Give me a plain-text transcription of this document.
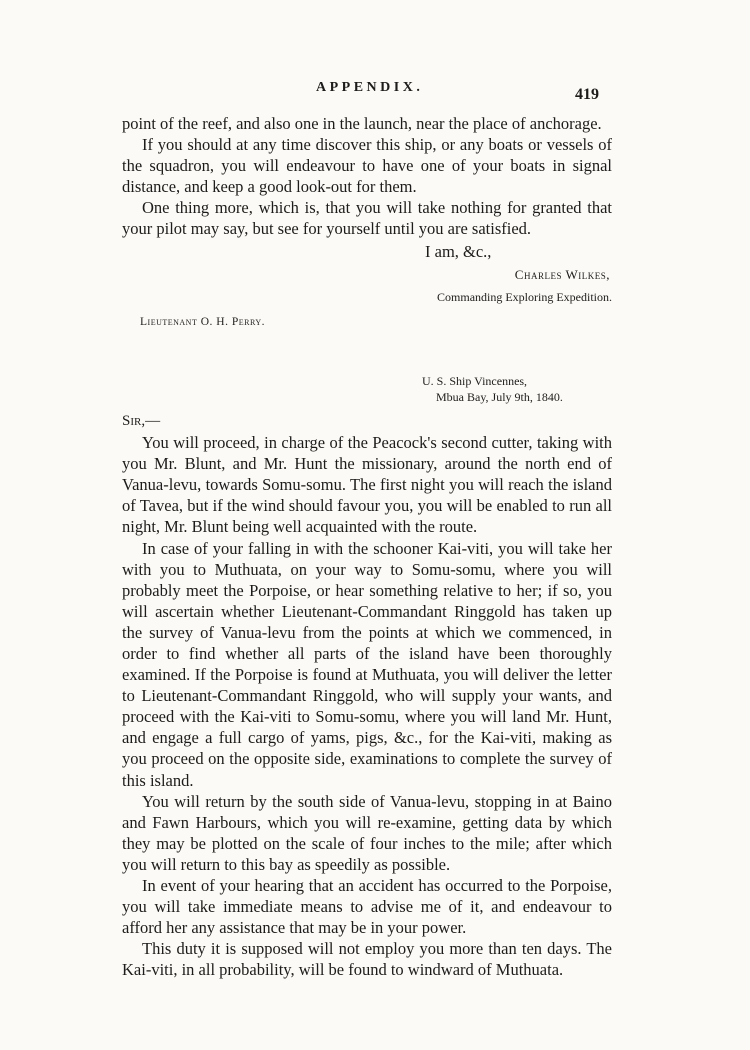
APPENDIX.	419

point of the reef, and also one in the launch, near the place of anchorage.

If you should at any time discover this ship, or any boats or vessels of the squadron, you will endeavour to have one of your boats in signal distance, and keep a good look-out for them.

One thing more, which is, that you will take nothing for granted that your pilot may say, but see for yourself until you are satisfied.

I am, &c.,
Charles Wilkes,
Commanding Exploring Expedition.
Lieutenant O. H. Perry.
U. S. Ship Vincennes,
Mbua Bay, July 9th, 1840.
Sir,—

You will proceed, in charge of the Peacock's second cutter, taking with you Mr. Blunt, and Mr. Hunt the missionary, around the north end of Vanua-levu, towards Somu-somu. The first night you will reach the island of Tavea, but if the wind should favour you, you will be enabled to run all night, Mr. Blunt being well acquainted with the route.

In case of your falling in with the schooner Kai-viti, you will take her with you to Muthuata, on your way to Somu-somu, where you will probably meet the Porpoise, or hear something relative to her; if so, you will ascertain whether Lieutenant-Commandant Ringgold has taken up the survey of Vanua-levu from the points at which we commenced, in order to find whether all parts of the island have been thoroughly examined. If the Porpoise is found at Muthuata, you will deliver the letter to Lieutenant-Commandant Ringgold, who will supply your wants, and proceed with the Kai-viti to Somu-somu, where you will land Mr. Hunt, and engage a full cargo of yams, pigs, &c., for the Kai-viti, making as you proceed on the opposite side, examinations to complete the survey of this island.

You will return by the south side of Vanua-levu, stopping in at Baino and Fawn Harbours, which you will re-examine, getting data by which they may be plotted on the scale of four inches to the mile; after which you will return to this bay as speedily as possible.

In event of your hearing that an accident has occurred to the Porpoise, you will take immediate means to advise me of it, and endeavour to afford her any assistance that may be in your power.

This duty it is supposed will not employ you more than ten days. The Kai-viti, in all probability, will be found to windward of Muthuata.
